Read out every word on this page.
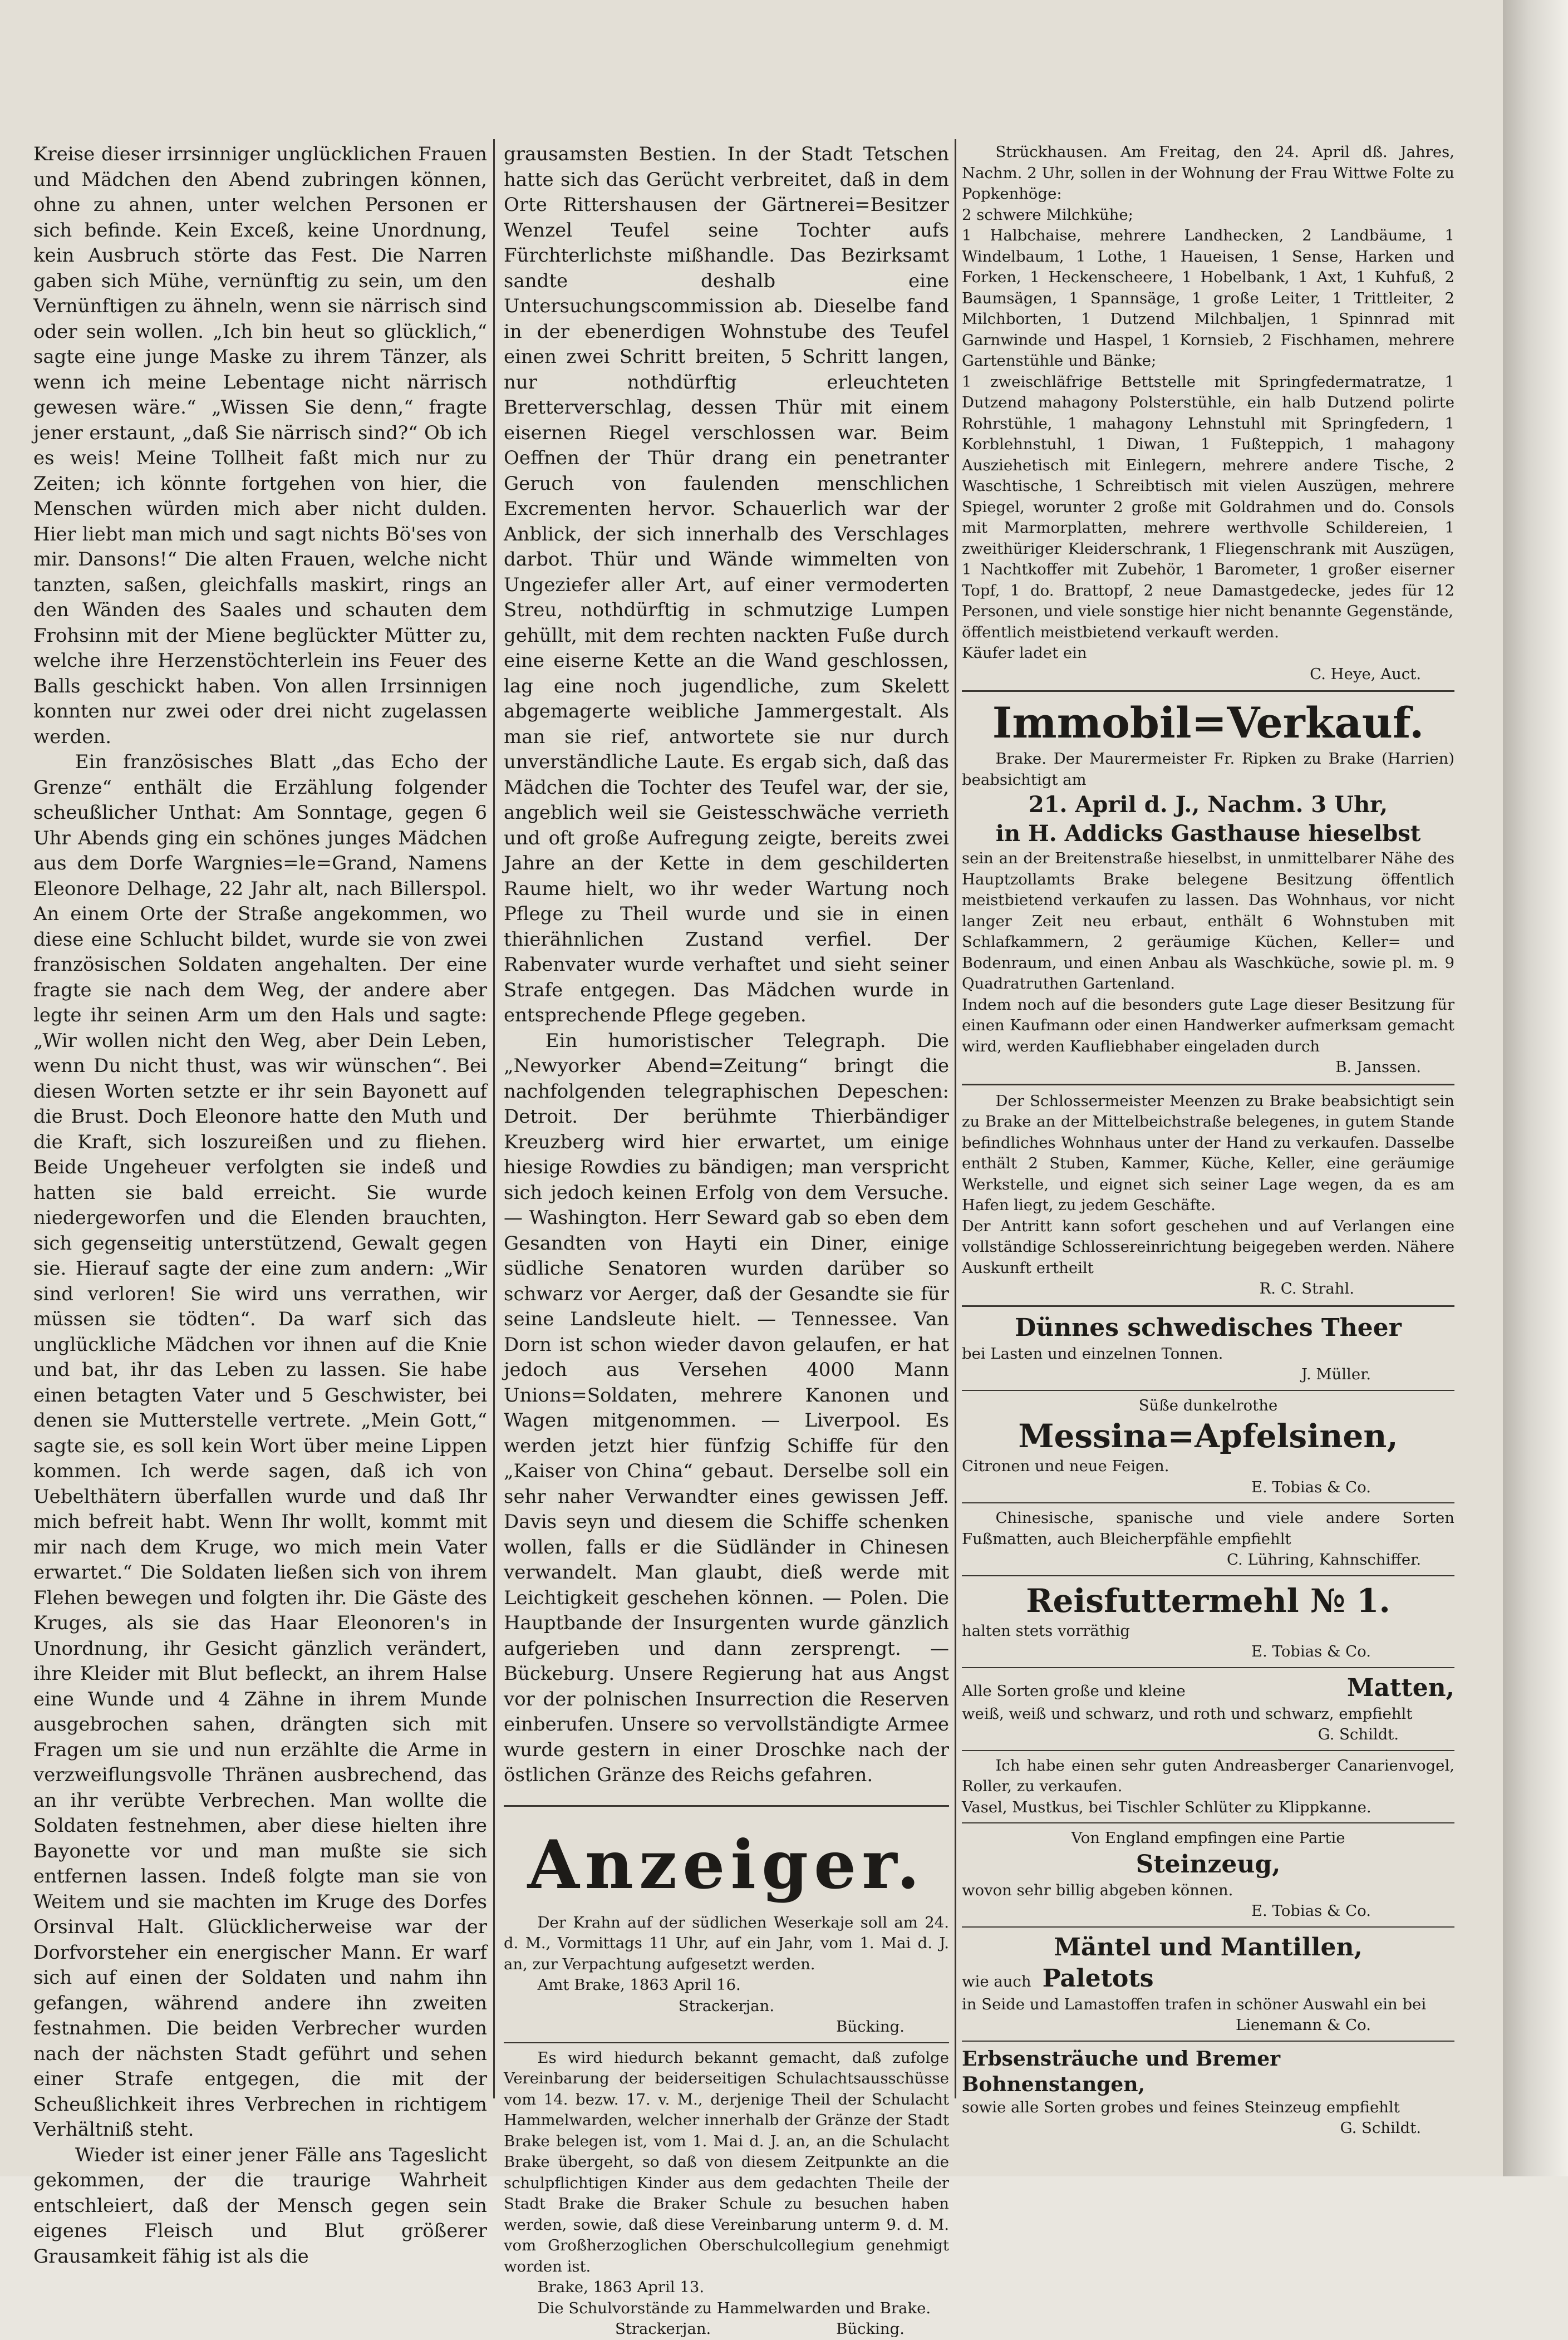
Kreise dieser irrsinniger unglücklichen Frauen und Mädchen den Abend zubringen können, ohne zu ahnen, unter welchen Personen er sich befinde. Kein Exceß, keine Unordnung, kein Ausbruch störte das Fest. Die Narren gaben sich Mühe, vernünftig zu sein, um den Vernünftigen zu ähneln, wenn sie närrisch sind oder sein wollen. „Ich bin heut so glücklich,“ sagte eine junge Maske zu ihrem Tänzer, als wenn ich meine Lebentage nicht närrisch gewesen wäre.“ „Wissen Sie denn,“ fragte jener erstaunt, „daß Sie närrisch sind?“ Ob ich es weis! Meine Tollheit faßt mich nur zu Zeiten; ich könnte fortgehen von hier, die Menschen würden mich aber nicht dulden. Hier liebt man mich und sagt nichts Bö'ses von mir. Dansons!“ Die alten Frauen, welche nicht tanzten, saßen, gleichfalls maskirt, rings an den Wänden des Saales und schauten dem Frohsinn mit der Miene beglückter Mütter zu, welche ihre Herzenstöchterlein ins Feuer des Balls geschickt haben. Von allen Irrsinnigen konnten nur zwei oder drei nicht zugelassen werden.

Ein französisches Blatt „das Echo der Grenze“ enthält die Erzählung folgender scheußlicher Unthat: Am Sonntage, gegen 6 Uhr Abends ging ein schönes junges Mädchen aus dem Dorfe Wargnies=le=Grand, Namens Eleonore Delhage, 22 Jahr alt, nach Billerspol. An einem Orte der Straße angekommen, wo diese eine Schlucht bildet, wurde sie von zwei französischen Soldaten angehalten. Der eine fragte sie nach dem Weg, der andere aber legte ihr seinen Arm um den Hals und sagte: „Wir wollen nicht den Weg, aber Dein Leben, wenn Du nicht thust, was wir wünschen“. Bei diesen Worten setzte er ihr sein Bayonett auf die Brust. Doch Eleonore hatte den Muth und die Kraft, sich loszureißen und zu fliehen. Beide Ungeheuer verfolgten sie indeß und hatten sie bald erreicht. Sie wurde niedergeworfen und die Elenden brauchten, sich gegenseitig unterstützend, Gewalt gegen sie. Hierauf sagte der eine zum andern: „Wir sind verloren! Sie wird uns verrathen, wir müssen sie tödten“. Da warf sich das unglückliche Mädchen vor ihnen auf die Knie und bat, ihr das Leben zu lassen. Sie habe einen betagten Vater und 5 Geschwister, bei denen sie Mutterstelle vertrete. „Mein Gott,“ sagte sie, es soll kein Wort über meine Lippen kommen. Ich werde sagen, daß ich von Uebelthätern überfallen wurde und daß Ihr mich befreit habt. Wenn Ihr wollt, kommt mit mir nach dem Kruge, wo mich mein Vater erwartet.“ Die Soldaten ließen sich von ihrem Flehen bewegen und folgten ihr. Die Gäste des Kruges, als sie das Haar Eleonoren's in Unordnung, ihr Gesicht gänzlich verändert, ihre Kleider mit Blut befleckt, an ihrem Halse eine Wunde und 4 Zähne in ihrem Munde ausgebrochen sahen, drängten sich mit Fragen um sie und nun erzählte die Arme in verzweiflungsvolle Thränen ausbrechend, das an ihr verübte Verbrechen. Man wollte die Soldaten festnehmen, aber diese hielten ihre Bayonette vor und man mußte sie sich entfernen lassen. Indeß folgte man sie von Weitem und sie machten im Kruge des Dorfes Orsinval Halt. Glücklicherweise war der Dorfvorsteher ein energischer Mann. Er warf sich auf einen der Soldaten und nahm ihn gefangen, während andere ihn zweiten festnahmen. Die beiden Verbrecher wurden nach der nächsten Stadt geführt und sehen einer Strafe entgegen, die mit der Scheußlichkeit ihres Verbrechen in richtigem Verhältniß steht.

Wieder ist einer jener Fälle ans Tageslicht gekommen, der die traurige Wahrheit entschleiert, daß der Mensch gegen sein eigenes Fleisch und Blut größerer Grausamkeit fähig ist als die

grausamsten Bestien. In der Stadt Tetschen hatte sich das Gerücht verbreitet, daß in dem Orte Rittershausen der Gärtnerei=Besitzer Wenzel Teufel seine Tochter aufs Fürchterlichste mißhandle. Das Bezirksamt sandte deshalb eine Untersuchungscommission ab. Dieselbe fand in der ebenerdigen Wohnstube des Teufel einen zwei Schritt breiten, 5 Schritt langen, nur nothdürftig erleuchteten Bretterverschlag, dessen Thür mit einem eisernen Riegel verschlossen war. Beim Oeffnen der Thür drang ein penetranter Geruch von faulenden menschlichen Excrementen hervor. Schauerlich war der Anblick, der sich innerhalb des Verschlages darbot. Thür und Wände wimmelten von Ungeziefer aller Art, auf einer vermoderten Streu, nothdürftig in schmutzige Lumpen gehüllt, mit dem rechten nackten Fuße durch eine eiserne Kette an die Wand geschlossen, lag eine noch jugendliche, zum Skelett abgemagerte weibliche Jammergestalt. Als man sie rief, antwortete sie nur durch unverständliche Laute. Es ergab sich, daß das Mädchen die Tochter des Teufel war, der sie, angeblich weil sie Geistesschwäche verrieth und oft große Aufregung zeigte, bereits zwei Jahre an der Kette in dem geschilderten Raume hielt, wo ihr weder Wartung noch Pflege zu Theil wurde und sie in einen thierähnlichen Zustand verfiel. Der Rabenvater wurde verhaftet und sieht seiner Strafe entgegen. Das Mädchen wurde in entsprechende Pflege gegeben.

Ein humoristischer Telegraph. Die „Newyorker Abend=Zeitung“ bringt die nachfolgenden telegraphischen Depeschen: Detroit. Der berühmte Thierbändiger Kreuzberg wird hier erwartet, um einige hiesige Rowdies zu bändigen; man verspricht sich jedoch keinen Erfolg von dem Versuche. — Washington. Herr Seward gab so eben dem Gesandten von Hayti ein Diner, einige südliche Senatoren wurden darüber so schwarz vor Aerger, daß der Gesandte sie für seine Landsleute hielt. — Tennessee. Van Dorn ist schon wieder davon gelaufen, er hat jedoch aus Versehen 4000 Mann Unions=Soldaten, mehrere Kanonen und Wagen mitgenommen. — Liverpool. Es werden jetzt hier fünfzig Schiffe für den „Kaiser von China“ gebaut. Derselbe soll ein sehr naher Verwandter eines gewissen Jeff. Davis seyn und diesem die Schiffe schenken wollen, falls er die Südländer in Chinesen verwandelt. Man glaubt, dieß werde mit Leichtigkeit geschehen können. — Polen. Die Hauptbande der Insurgenten wurde gänzlich aufgerieben und dann zersprengt. — Bückeburg. Unsere Regierung hat aus Angst vor der polnischen Insurrection die Reserven einberufen. Unsere so vervollständigte Armee wurde gestern in einer Droschke nach der östlichen Gränze des Reichs gefahren.

Anzeiger.

Der Krahn auf der südlichen Weserkaje soll am 24. d. M., Vormittags 11 Uhr, auf ein Jahr, vom 1. Mai d. J. an, zur Verpachtung aufgesetzt werden.

Amt Brake, 1863 April 16.

Strackerjan.

Bücking.

Es wird hiedurch bekannt gemacht, daß zufolge Vereinbarung der beiderseitigen Schulachtsausschüsse vom 14. bezw. 17. v. M., derjenige Theil der Schulacht Hammelwarden, welcher innerhalb der Gränze der Stadt Brake belegen ist, vom 1. Mai d. J. an, an die Schulacht Brake übergeht, so daß von diesem Zeitpunkte an die schulpflichtigen Kinder aus dem gedachten Theile der Stadt Brake die Braker Schule zu besuchen haben werden, sowie, daß diese Vereinbarung unterm 9. d. M. vom Großherzoglichen Oberschulcollegium genehmigt worden ist.

Brake, 1863 April 13.

Die Schulvorstände zu Hammelwarden und Brake.

Strackerjan.	Bücking.

Strückhausen. Am Freitag, den 24. April dß. Jahres, Nachm. 2 Uhr, sollen in der Wohnung der Frau Wittwe Folte zu Popkenhöge:
2 schwere Milchkühe;
1 Halbchaise, mehrere Landhecken, 2 Landbäume, 1 Windelbaum, 1 Lothe, 1 Haueisen, 1 Sense, Harken und Forken, 1 Heckenscheere, 1 Hobelbank, 1 Axt, 1 Kuhfuß, 2 Baumsägen, 1 Spannsäge, 1 große Leiter, 1 Trittleiter, 2 Milchborten, 1 Dutzend Milchbaljen, 1 Spinnrad mit Garnwinde und Haspel, 1 Kornsieb, 2 Fischhamen, mehrere Gartenstühle und Bänke;
1 zweischläfrige Bettstelle mit Springfedermatratze, 1 Dutzend mahagony Polsterstühle, ein halb Dutzend polirte Rohrstühle, 1 mahagony Lehnstuhl mit Springfedern, 1 Korblehnstuhl, 1 Diwan, 1 Fußteppich, 1 mahagony Ausziehetisch mit Einlegern, mehrere andere Tische, 2 Waschtische, 1 Schreibtisch mit vielen Auszügen, mehrere Spiegel, worunter 2 große mit Goldrahmen und do. Consols mit Marmorplatten, mehrere werthvolle Schildereien, 1 zweithüriger Kleiderschrank, 1 Fliegenschrank mit Auszügen, 1 Nachtkoffer mit Zubehör, 1 Barometer, 1 großer eiserner Topf, 1 do. Brattopf, 2 neue Damastgedecke, jedes für 12 Personen, und viele sonstige hier nicht benannte Gegenstände,
öffentlich meistbietend verkauft werden.
Käufer ladet ein

C. Heye, Auct.

Immobil=Verkauf.

Brake. Der Maurermeister Fr. Ripken zu Brake (Harrien) beabsichtigt am

21. April d. J., Nachm. 3 Uhr,
in H. Addicks Gasthause hieselbst

sein an der Breitenstraße hieselbst, in unmittelbarer Nähe des Hauptzollamts Brake belegene Besitzung öffentlich meistbietend verkaufen zu lassen. Das Wohnhaus, vor nicht langer Zeit neu erbaut, enthält 6 Wohnstuben mit Schlafkammern, 2 geräumige Küchen, Keller= und Bodenraum, und einen Anbau als Waschküche, sowie pl. m. 9 Quadratruthen Gartenland.
Indem noch auf die besonders gute Lage dieser Besitzung für einen Kaufmann oder einen Handwerker aufmerksam gemacht wird, werden Kaufliebhaber eingeladen durch

B. Janssen.

Der Schlossermeister Meenzen zu Brake beabsichtigt sein zu Brake an der Mittelbeichstraße belegenes, in gutem Stande befindliches Wohnhaus unter der Hand zu verkaufen. Dasselbe enthält 2 Stuben, Kammer, Küche, Keller, eine geräumige Werkstelle, und eignet sich seiner Lage wegen, da es am Hafen liegt, zu jedem Geschäfte.
Der Antritt kann sofort geschehen und auf Verlangen eine vollständige Schlossereinrichtung beigegeben werden. Nähere Auskunft ertheilt

R. C. Strahl.

Dünnes schwedisches Theer

bei Lasten und einzelnen Tonnen.

J. Müller.

Süße dunkelrothe

Messina=Apfelsinen,

Citronen und neue Feigen.

E. Tobias & Co.

Chinesische, spanische und viele andere Sorten Fußmatten, auch Bleicherpfähle empfiehlt

C. Lühring, Kahnschiffer.

Reisfuttermehl № 1.

halten stets vorräthig

E. Tobias & Co.

Alle Sorten große und kleine	Matten,

weiß, weiß und schwarz, und roth und schwarz, empfiehlt

G. Schildt.

Ich habe einen sehr guten Andreasberger Canarienvogel, Roller, zu verkaufen.

Vasel, Mustkus, bei Tischler Schlüter zu Klippkanne.

Von England empfingen eine Partie

Steinzeug,

wovon sehr billig abgeben können.

E. Tobias & Co.

Mäntel und Mantillen,
wie auch Paletots

in Seide und Lamastoffen trafen in schöner Auswahl ein bei

Lienemann & Co.

Erbsensträuche und Bremer Bohnenstangen,

sowie alle Sorten grobes und feines Steinzeug empfiehlt

G. Schildt.
